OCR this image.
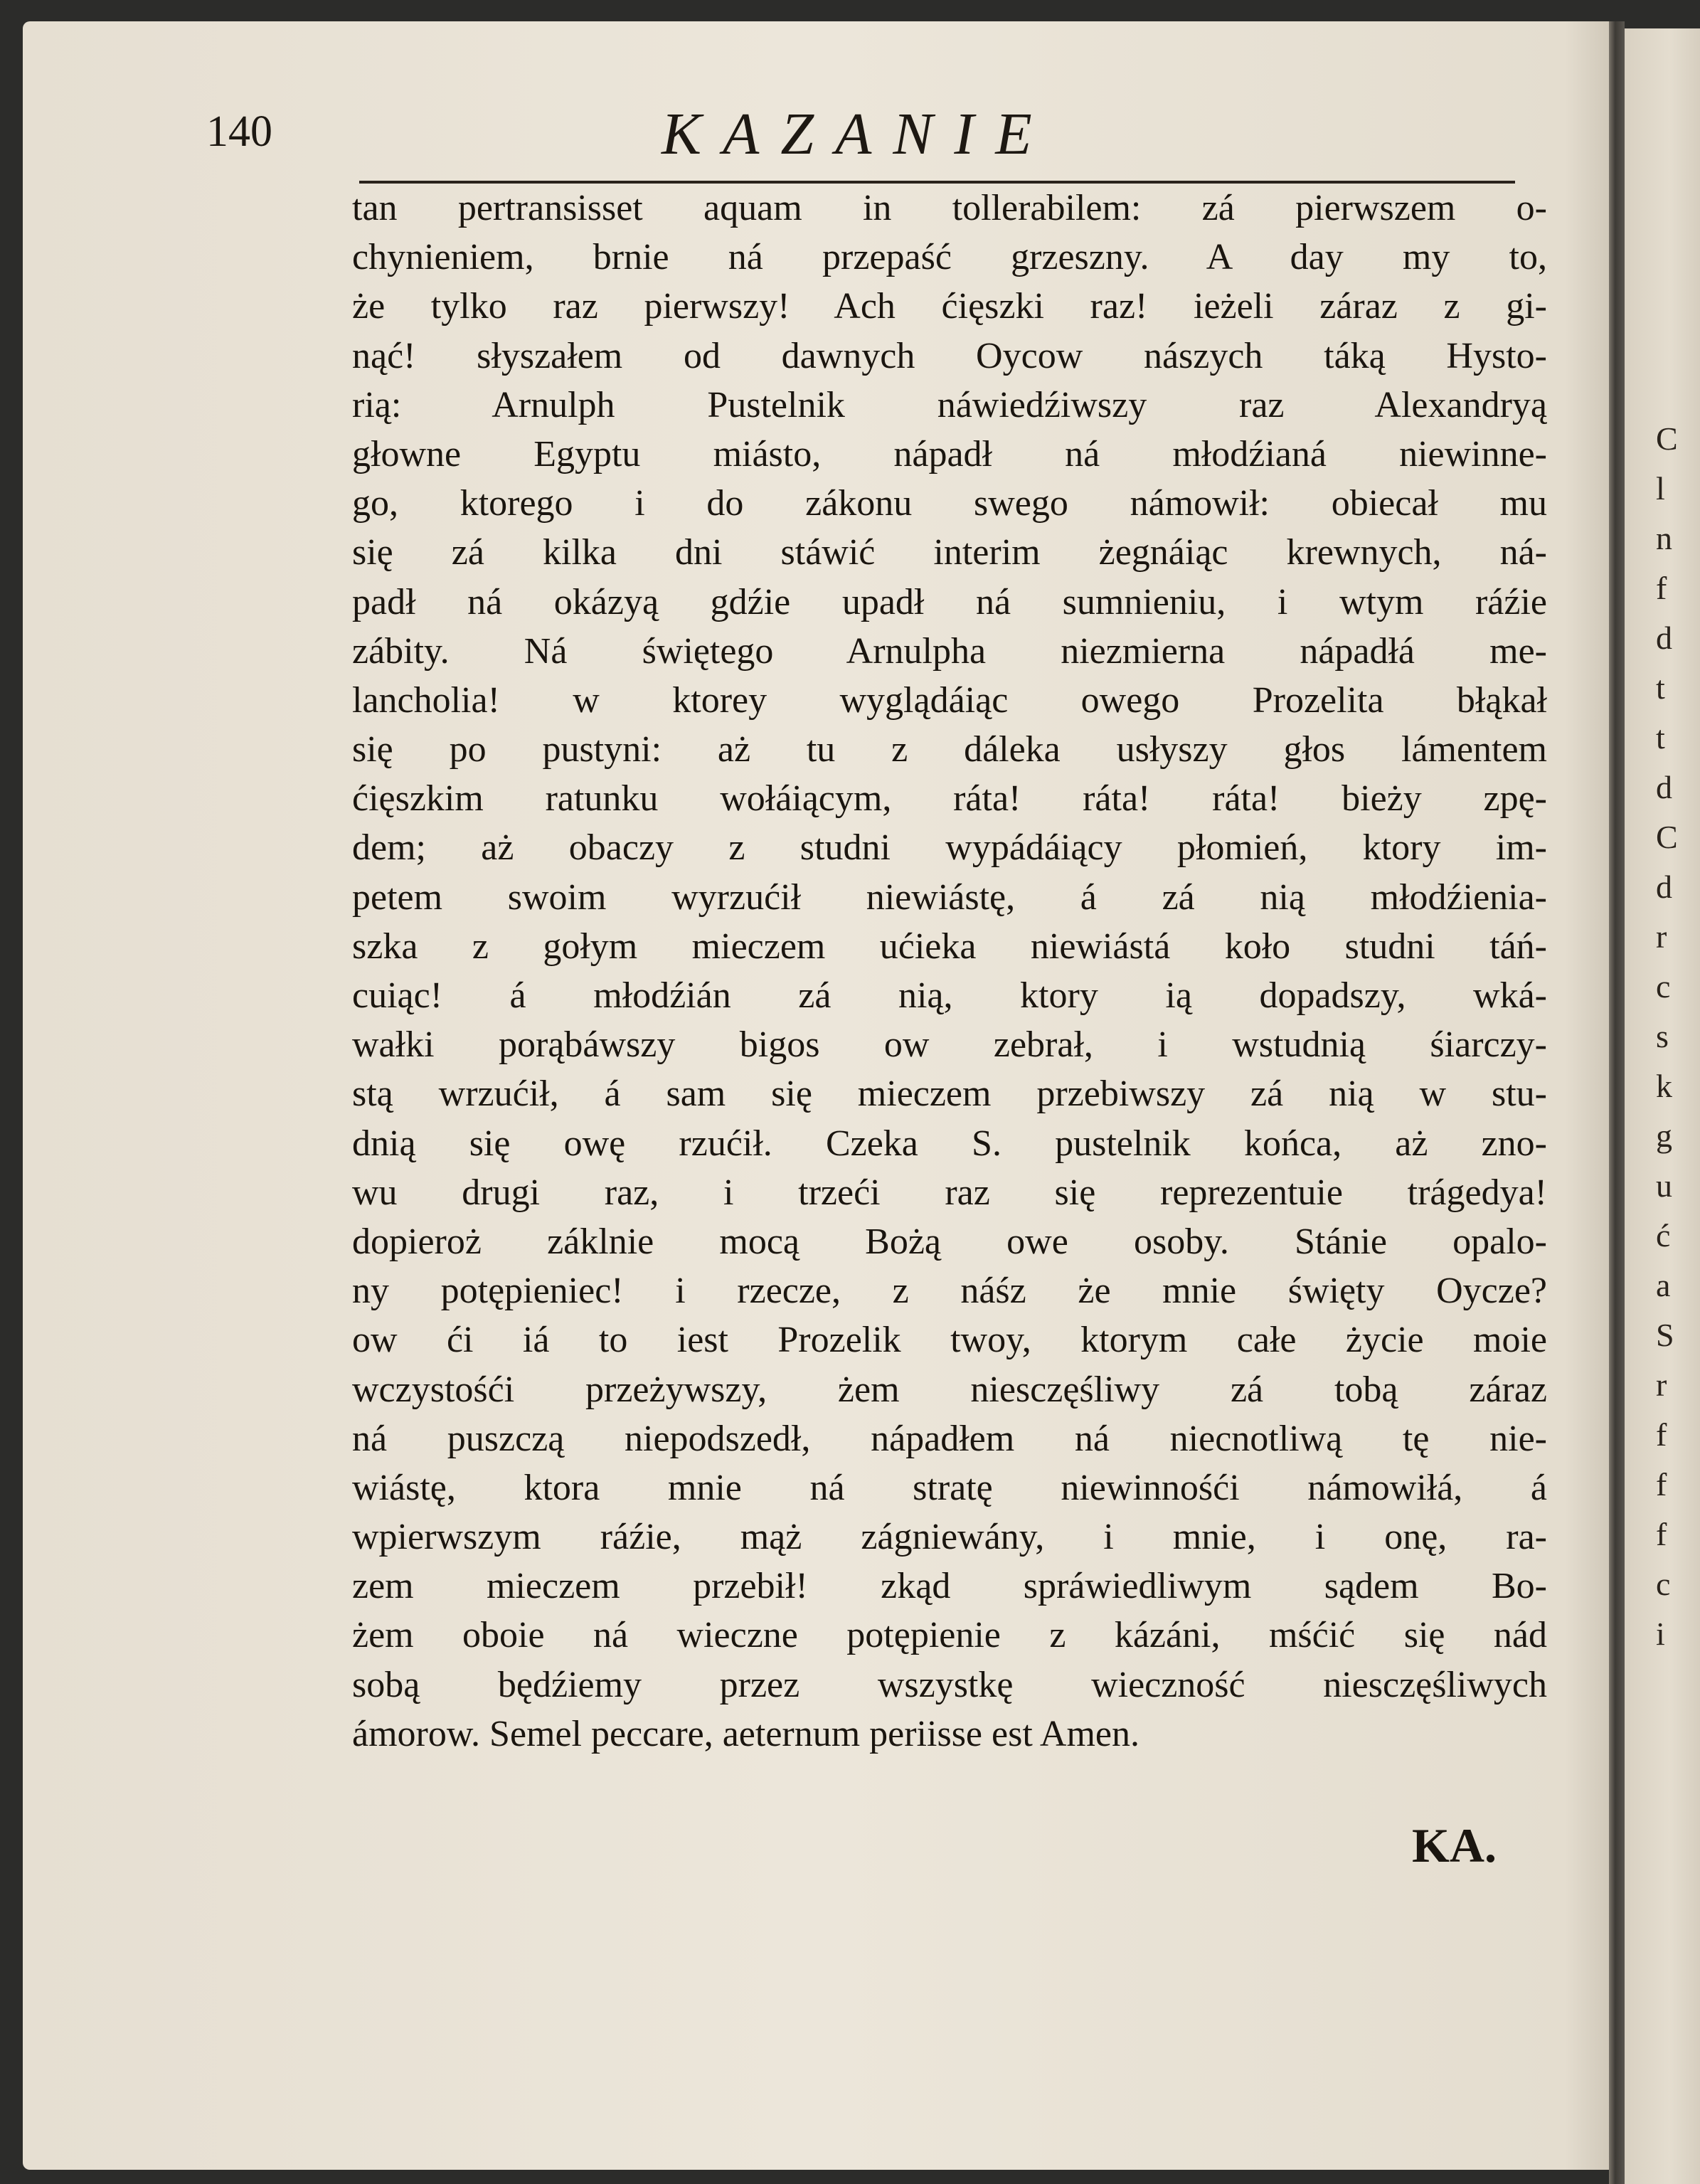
C
l
n
f
d
t
t
d
C
d
r
c
s
k
g
u
ć
a
S
r
f
f
f
c
i
140	KAZANIE
tan pertransisset aquam in tollerabilem: zá pierwszem o-
chynieniem, brnie ná przepaść grzeszny. A day my to,
że tylko raz pierwszy! Ach ćięszki raz! ieżeli záraz z gi-
nąć! słyszałem od dawnych Oycow nászych táką Hysto-
rią: Arnulph Pustelnik náwiedźiwszy raz Alexandryą
głowne Egyptu miásto, nápadł ná młodźianá niewinne-
go, ktorego i do zákonu swego námowił: obiecał mu
się zá kilka dni stáwić interim żegnáiąc krewnych, ná-
padł ná okázyą gdźie upadł ná sumnieniu, i wtym ráźie
zábity. Ná świętego Arnulpha niezmierna nápadłá me-
lancholia! w ktorey wyglądáiąc owego Prozelita błąkał
się po pustyni: aż tu z dáleka usłyszy głos lámentem
ćięszkim ratunku wołáiącym, ráta! ráta! ráta! bieży zpę-
dem; aż obaczy z studni wypádáiący płomień, ktory im-
petem swoim wyrzućił niewiástę, á zá nią młodźienia-
szka z gołym mieczem ućieka niewiástá koło studni táń-
cuiąc! á młodźián zá nią, ktory ią dopadszy, wká-
wałki porąbáwszy bigos ow zebrał, i wstudnią śiarczy-
stą wrzućił, á sam się mieczem przebiwszy zá nią w stu-
dnią się owę rzućił. Czeka S. pustelnik końca, aż zno-
wu drugi raz, i trzeći raz się reprezentuie trágedya!
dopieroż záklnie mocą Bożą owe osoby. Stánie opalo-
ny potępieniec! i rzecze, z náśz że mnie święty Oycze?
ow ći iá to iest Prozelik twoy, ktorym całe życie moie
wczystośći przeżywszy, żem niesczęśliwy zá tobą záraz
ná puszczą niepodszedł, nápadłem ná niecnotliwą tę nie-
wiástę, ktora mnie ná stratę niewinnośći námowiłá, á
wpierwszym ráźie, mąż zágniewány, i mnie, i onę, ra-
zem mieczem przebił! zkąd spráwiedliwym sądem Bo-
żem oboie ná wieczne potępienie z kázáni, mśćić się nád
sobą będźiemy przez wszystkę wieczność niesczęśliwych
ámorow. Semel peccare, aeternum periisse est Amen.
KA.
